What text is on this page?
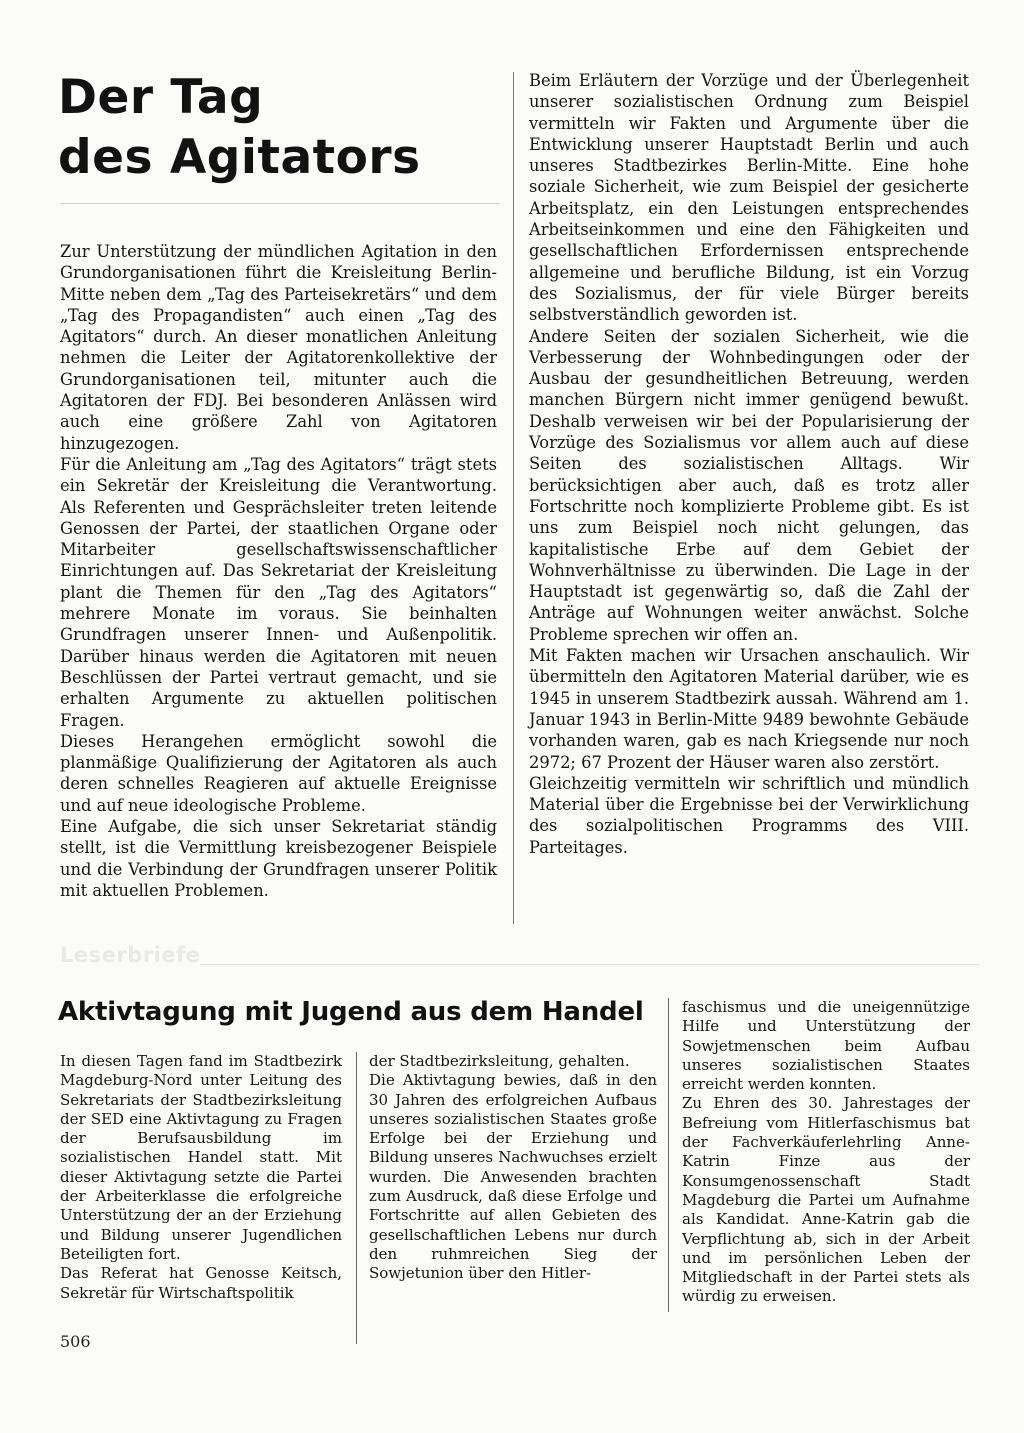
Der Tag
des Agitators

Zur Unterstützung der mündlichen Agitation in den Grundorganisationen führt die Kreisleitung Berlin-Mitte neben dem „Tag des Parteisekretärs“ und dem „Tag des Propagandisten“ auch einen „Tag des Agitators“ durch. An dieser monatlichen Anleitung nehmen die Leiter der Agitatorenkollektive der Grundorganisationen teil, mitunter auch die Agitatoren der FDJ. Bei besonderen Anlässen wird auch eine größere Zahl von Agitatoren hinzugezogen.

Für die Anleitung am „Tag des Agitators“ trägt stets ein Sekretär der Kreisleitung die Verantwortung. Als Referenten und Gesprächsleiter treten leitende Genossen der Partei, der staatlichen Organe oder Mitarbeiter gesellschaftswissenschaftlicher Einrichtungen auf. Das Sekretariat der Kreisleitung plant die Themen für den „Tag des Agitators“ mehrere Monate im voraus. Sie beinhalten Grundfragen unserer Innen- und Außenpolitik. Darüber hinaus werden die Agitatoren mit neuen Beschlüssen der Partei vertraut gemacht, und sie erhalten Argumente zu aktuellen politischen Fragen.

Dieses Herangehen ermöglicht sowohl die planmäßige Qualifizierung der Agitatoren als auch deren schnelles Reagieren auf aktuelle Ereignisse und auf neue ideologische Probleme.

Eine Aufgabe, die sich unser Sekretariat ständig stellt, ist die Vermittlung kreisbezogener Beispiele und die Verbindung der Grundfragen unserer Politik mit aktuellen Problemen.

Beim Erläutern der Vorzüge und der Überlegenheit unserer sozialistischen Ordnung zum Beispiel vermitteln wir Fakten und Argumente über die Entwicklung unserer Hauptstadt Berlin und auch unseres Stadtbezirkes Berlin-Mitte. Eine hohe soziale Sicherheit, wie zum Beispiel der gesicherte Arbeitsplatz, ein den Leistungen entsprechendes Arbeitseinkommen und eine den Fähigkeiten und gesellschaftlichen Erfordernissen entsprechende allgemeine und berufliche Bildung, ist ein Vorzug des Sozialismus, der für viele Bürger bereits selbstverständlich geworden ist.

Andere Seiten der sozialen Sicherheit, wie die Verbesserung der Wohnbedingungen oder der Ausbau der gesundheitlichen Betreuung, werden manchen Bürgern nicht immer genügend bewußt. Deshalb verweisen wir bei der Popularisierung der Vorzüge des Sozialismus vor allem auch auf diese Seiten des sozialistischen Alltags. Wir berücksichtigen aber auch, daß es trotz aller Fortschritte noch komplizierte Probleme gibt. Es ist uns zum Beispiel noch nicht gelungen, das kapitalistische Erbe auf dem Gebiet der Wohnverhältnisse zu überwinden. Die Lage in der Hauptstadt ist gegenwärtig so, daß die Zahl der Anträge auf Wohnungen weiter anwächst. Solche Probleme sprechen wir offen an.

Mit Fakten machen wir Ursachen anschaulich. Wir übermitteln den Agitatoren Material darüber, wie es 1945 in unserem Stadtbezirk aussah. Während am 1. Januar 1943 in Berlin-Mitte 9489 bewohnte Gebäude vorhanden waren, gab es nach Kriegsende nur noch 2972; 67 Prozent der Häuser waren also zerstört.

Gleichzeitig vermitteln wir schriftlich und mündlich Material über die Ergebnisse bei der Verwirklichung des sozialpolitischen Programms des VIII. Parteitages.

Leserbriefe
Aktivtagung mit Jugend aus dem Handel

In diesen Tagen fand im Stadtbezirk Magdeburg-Nord unter Leitung des Sekretariats der Stadtbezirksleitung der SED eine Aktivtagung zu Fragen der Berufsausbildung im sozialistischen Handel statt. Mit dieser Aktivtagung setzte die Partei der Arbeiterklasse die erfolgreiche Unterstützung der an der Erziehung und Bildung unserer Jugendlichen Beteiligten fort.

Das Referat hat Genosse Keitsch, Sekretär für Wirtschaftspolitik

der Stadtbezirksleitung, gehalten.

Die Aktivtagung bewies, daß in den 30 Jahren des erfolgreichen Aufbaus unseres sozialistischen Staates große Erfolge bei der Erziehung und Bildung unseres Nachwuchses erzielt wurden. Die Anwesenden brachten zum Ausdruck, daß diese Erfolge und Fortschritte auf allen Gebieten des gesellschaftlichen Lebens nur durch den ruhmreichen Sieg der Sowjetunion über den Hitler-

faschismus und die uneigennützige Hilfe und Unterstützung der Sowjetmenschen beim Aufbau unseres sozialistischen Staates erreicht werden konnten.

Zu Ehren des 30. Jahrestages der Befreiung vom Hitlerfaschismus bat der Fachverkäuferlehrling Anne-Katrin Finze aus der Konsumgenossenschaft Stadt Magdeburg die Partei um Aufnahme als Kandidat. Anne-Katrin gab die Verpflichtung ab, sich in der Arbeit und im persönlichen Leben der Mitgliedschaft in der Partei stets als würdig zu erweisen.

506
